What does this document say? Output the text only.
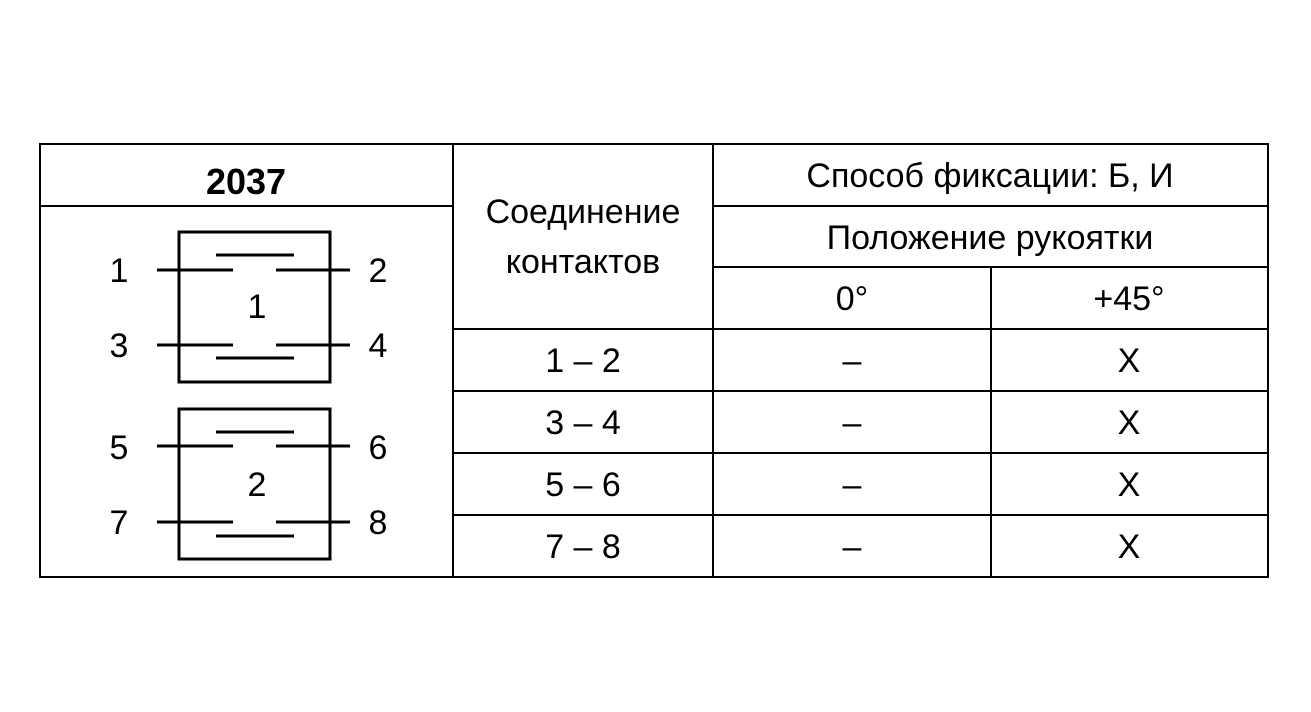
2037
Соединение
контактов
Способ фиксации: Б, И
Положение рукоятки
0°	+45°
1 – 2	–	X
3 – 4	–	X
5 – 6	–	X
7 – 8	–	X
1
1	2
3	4
2
5	6
7	8
